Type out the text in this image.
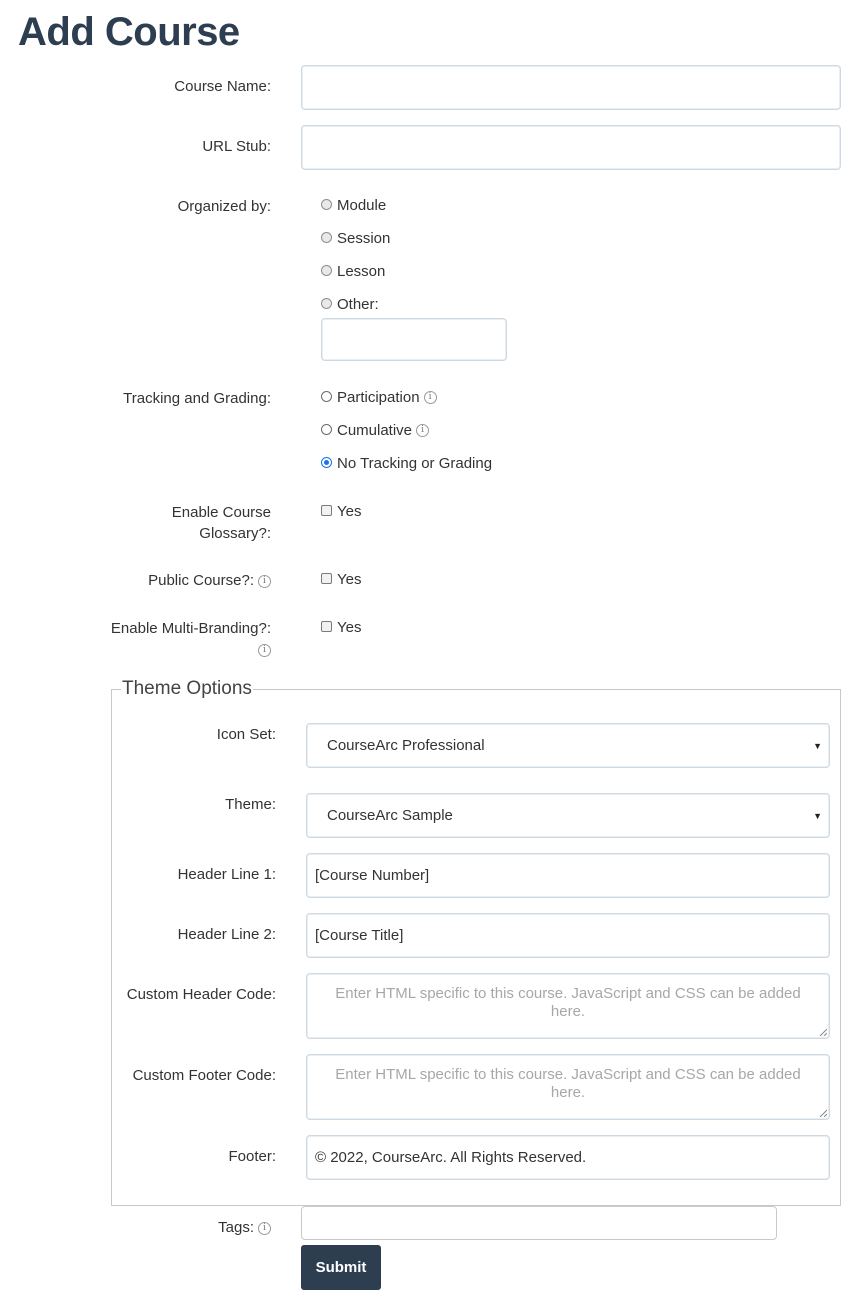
Add Course
Course Name:
URL Stub:
Organized by:	Module
Session
Lesson
Other:
Tracking and Grading:	Participation	i
Cumulative	i
No Tracking or Grading
Enable Course
Glossary?:
Yes
Public Course?: i	Yes
Enable Multi-Branding?:
i
Yes
Theme Options
Icon Set:
CourseArc Professional	▼
Theme:
CourseArc Sample	▼
Header Line 1:	[Course Number]
Header Line 2:	[Course Title]
Custom Header Code:	Enter HTML specific to this course. JavaScript and CSS can be added here.
Custom Footer Code:	Enter HTML specific to this course. JavaScript and CSS can be added here.
Footer:	© 2022, CourseArc. All Rights Reserved.
Tags: i
Submit
